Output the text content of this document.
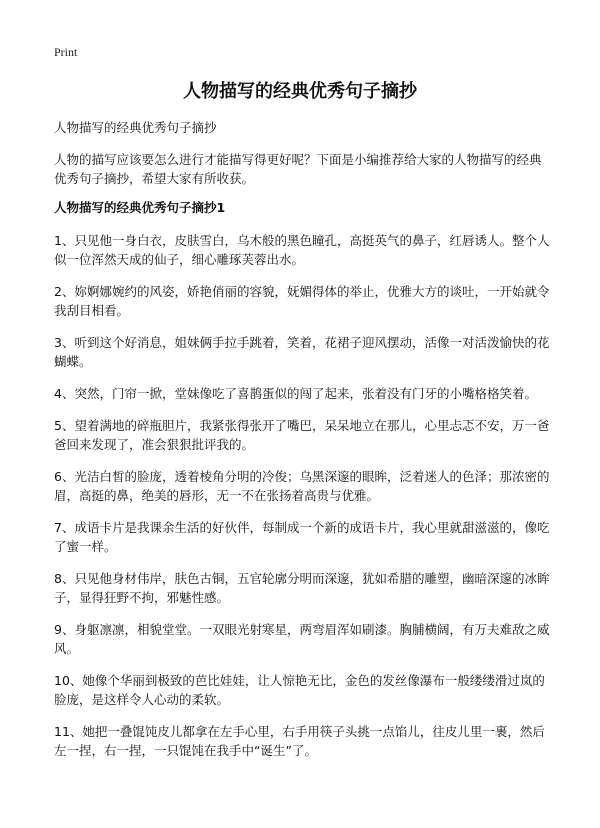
Print
人物描写的经典优秀句子摘抄
人物描写的经典优秀句子摘抄
人物的描写应该要怎么进行才能描写得更好呢？下面是小编推荐给大家的人物描写的经典优秀句子摘抄，希望大家有所收获。
人物描写的经典优秀句子摘抄1
1、只见他一身白衣，皮肤雪白，乌木般的黑色瞳孔，高挺英气的鼻子，红唇诱人。整个人似一位浑然天成的仙子，细心雕琢芙蓉出水。
2、妳婀娜婉约的风姿，娇艳俏丽的容貌，妩媚得体的举止，优雅大方的谈吐，一开始就令我刮目相看。
3、听到这个好消息，姐妹俩手拉手跳着，笑着，花裙子迎风摆动，活像一对活泼愉快的花蝴蝶。
4、突然，门帘一掀，堂妹像吃了喜鹊蛋似的闯了起来，张着没有门牙的小嘴格格笑着。
5、望着满地的碎瓶胆片，我紧张得张开了嘴巴，呆呆地立在那儿，心里忐忑不安，万一爸爸回来发现了，准会狠狠批评我的。
6、光洁白皙的脸庞，透着棱角分明的冷俊；乌黑深邃的眼眸，泛着迷人的色泽；那浓密的眉，高挺的鼻，绝美的唇形，无一不在张扬着高贵与优雅。
7、成语卡片是我课余生活的好伙伴，每制成一个新的成语卡片，我心里就甜滋滋的，像吃了蜜一样。
8、只见他身材伟岸，肤色古铜，五官轮廓分明而深邃，犹如希腊的雕塑，幽暗深邃的冰眸子，显得狂野不拘，邪魅性感。
9、身躯凛凛，相貌堂堂。一双眼光射寒星，两弯眉浑如刷漆。胸脯横阔，有万夫难敌之威风。
10、她像个华丽到极致的芭比娃娃，让人惊艳无比，金色的发丝像瀑布一般缕缕滑过岚的脸庞，是这样令人心动的柔软。
11、她把一叠馄饨皮儿都拿在左手心里，右手用筷子头挑一点馅儿，往皮儿里一裹，然后左一捏，右一捏，一只馄饨在我手中“诞生”了。
